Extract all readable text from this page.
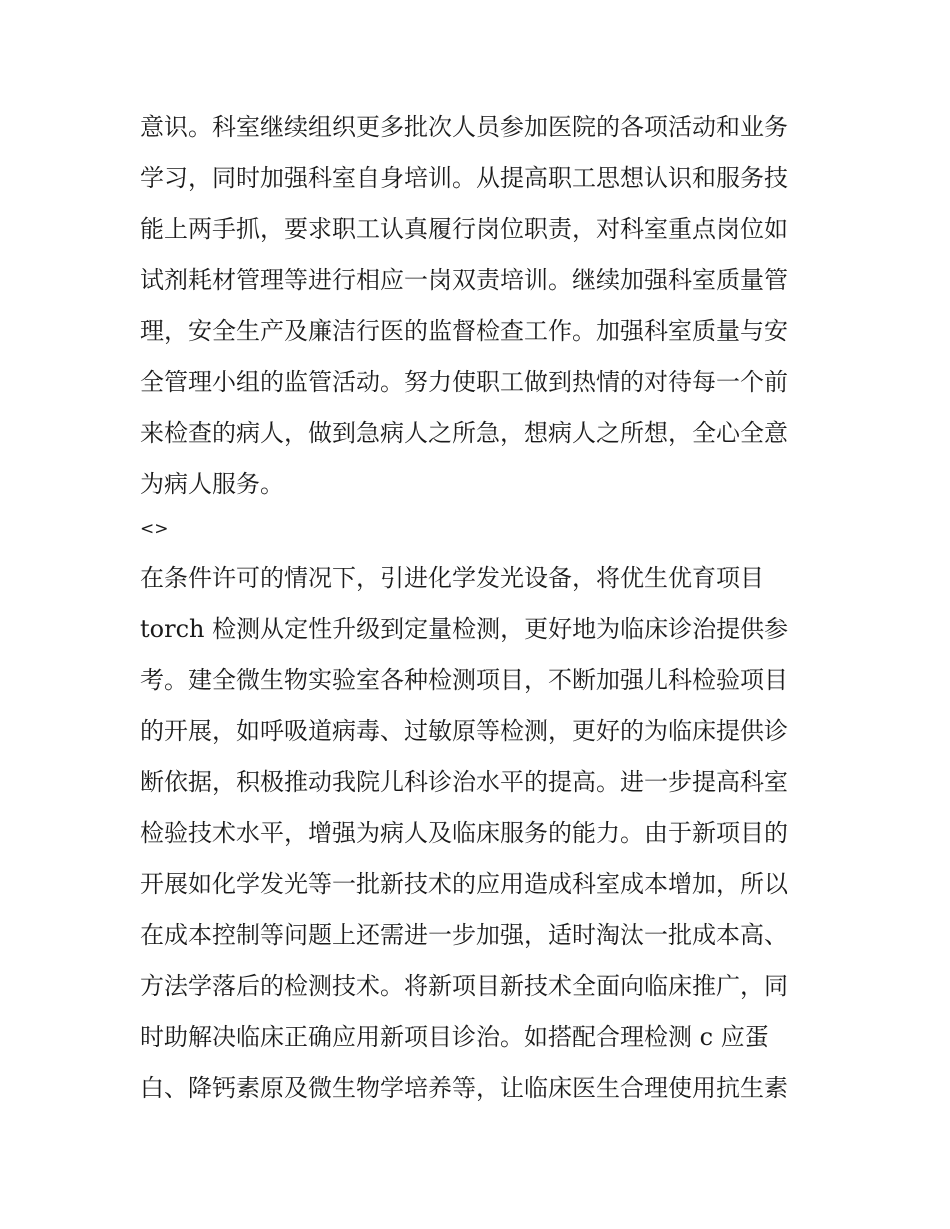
意识。科室继续组织更多批次人员参加医院的各项活动和业务
学习，同时加强科室自身培训。从提高职工思想认识和服务技
能上两手抓，要求职工认真履行岗位职责，对科室重点岗位如
试剂耗材管理等进行相应一岗双责培训。继续加强科室质量管
理，安全生产及廉洁行医的监督检查工作。加强科室质量与安
全管理小组的监管活动。努力使职工做到热情的对待每一个前
来检查的病人，做到急病人之所急，想病人之所想，全心全意
为病人服务。
<>
在条件许可的情况下，引进化学发光设备，将优生优育项目
torch 检测从定性升级到定量检测，更好地为临床诊治提供参
考。建全微生物实验室各种检测项目，不断加强儿科检验项目
的开展，如呼吸道病毒、过敏原等检测，更好的为临床提供诊
断依据，积极推动我院儿科诊治水平的提高。进一步提高科室
检验技术水平，增强为病人及临床服务的能力。由于新项目的
开展如化学发光等一批新技术的应用造成科室成本增加，所以
在成本控制等问题上还需进一步加强，适时淘汰一批成本高、
方法学落后的检测技术。将新项目新技术全面向临床推广，同
时助解决临床正确应用新项目诊治。如搭配合理检测 c 应蛋
白、降钙素原及微生物学培养等，让临床医生合理使用抗生素
